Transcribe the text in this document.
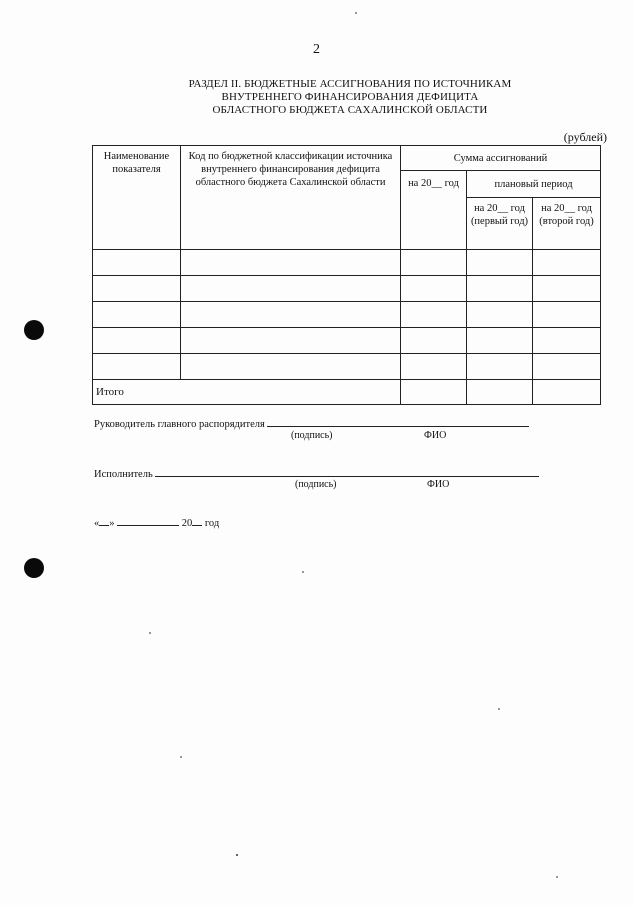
2
РАЗДЕЛ II. БЮДЖЕТНЫЕ АССИГНОВАНИЯ ПО ИСТОЧНИКАМ
ВНУТРЕННЕГО ФИНАНСИРОВАНИЯ ДЕФИЦИТА
ОБЛАСТНОГО БЮДЖЕТА САХАЛИНСКОЙ ОБЛАСТИ
(рублей)
Наименование показателя	Код по бюджетной классификации источника внутреннего финансирования дефицита областного бюджета Сахалинской области	Сумма ассигнований		
		на 20__ год	плановый период	
			на 20__ год (первый год)	на 20__ год (второй год)

Итого				
Руководитель главного распорядителя
(подпись)	ФИО
Исполнитель
(подпись)	ФИО
« »	20 год
